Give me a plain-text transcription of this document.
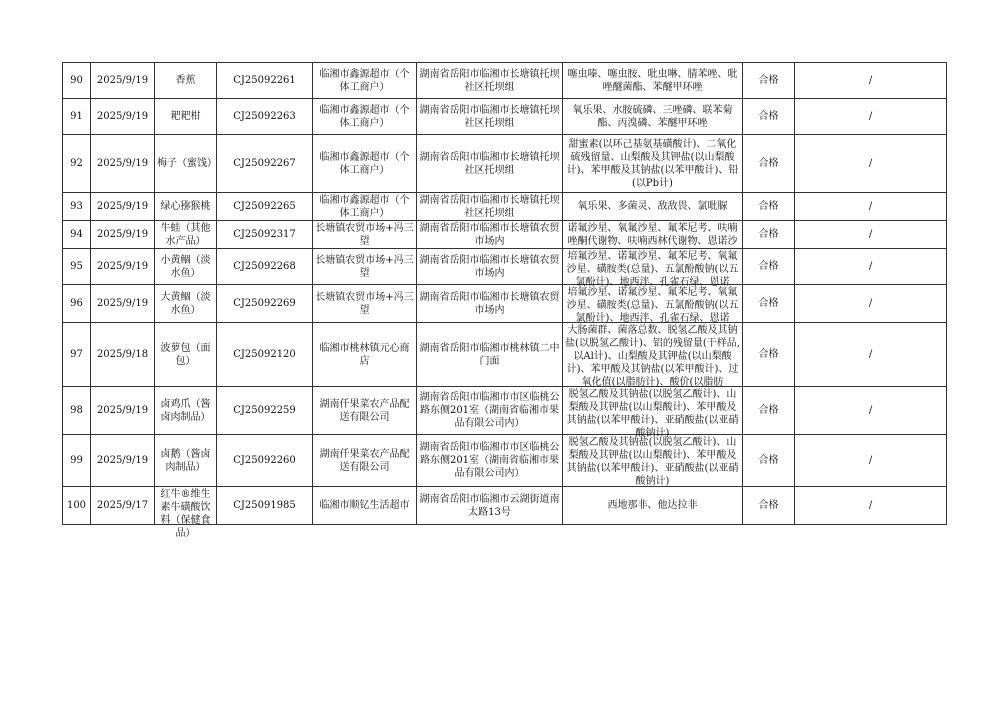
90	2025/9/19	香蕉	CJ25092261	临湘市鑫源超市（个体工商户）	湖南省岳阳市临湘市长塘镇托坝社区托坝组	噻虫嗪、噻虫胺、吡虫啉、腈苯唑、吡唑醚菌酯、苯醚甲环唑	合格	/

91	2025/9/19	耙耙柑	CJ25092263	临湘市鑫源超市（个体工商户）	湖南省岳阳市临湘市长塘镇托坝社区托坝组	氧乐果、水胺硫磷、三唑磷、联苯菊酯、丙溴磷、苯醚甲环唑	合格	/

92	2025/9/19	梅子（蜜饯）	CJ25092267	临湘市鑫源超市（个体工商户）	湖南省岳阳市临湘市长塘镇托坝社区托坝组	甜蜜素(以环己基氨基磺酸计)、二氧化硫残留量、山梨酸及其钾盐(以山梨酸计)、苯甲酸及其钠盐(以苯甲酸计)、铅(以Pb计)	合格	/

93	2025/9/19	绿心猕猴桃	CJ25092265	临湘市鑫源超市（个体工商户）	湖南省岳阳市临湘市长塘镇托坝社区托坝组	氧乐果、多菌灵、敌敌畏、氯吡脲	合格	/

94	2025/9/19	牛蛙（其他水产品）	CJ25092317	长塘镇农贸市场+冯三望	湖南省岳阳市临湘市长塘镇农贸市场内	诺氟沙星、氧氟沙星、氟苯尼考、呋喃唑酮代谢物、呋喃西林代谢物、恩诺沙	合格	/

95	2025/9/19	小黄鲴（淡水鱼）	CJ25092268	长塘镇农贸市场+冯三望	湖南省岳阳市临湘市长塘镇农贸市场内	培氟沙星、诺氟沙星、氟苯尼考、氧氟沙星、磺胺类(总量)、五氯酚酸钠(以五氯酚计)、地西泮、孔雀石绿、恩诺	合格	/

96	2025/9/19	大黄鲴（淡水鱼）	CJ25092269	长塘镇农贸市场+冯三望	湖南省岳阳市临湘市长塘镇农贸市场内	培氟沙星、诺氟沙星、氟苯尼考、氧氟沙星、磺胺类(总量)、五氯酚酸钠(以五氯酚计)、地西泮、孔雀石绿、恩诺	合格	/

97	2025/9/18	波萝包（面包）	CJ25092120	临湘市桃林镇元心商店	湖南省岳阳市临湘市桃林镇二中门面	大肠菌群、菌落总数、脱氢乙酸及其钠盐(以脱氢乙酸计)、铝的残留量(干样品,以Al计)、山梨酸及其钾盐(以山梨酸计)、苯甲酸及其钠盐(以苯甲酸计)、过氧化值(以脂肪计)、酸价(以脂肪	合格	/

98	2025/9/19	卤鸡爪（酱卤肉制品）	CJ25092259	湖南仟果菜农产品配送有限公司	湖南省岳阳市临湘市市区临桃公路东侧201室（湖南省临湘市果品有限公司内）	脱氢乙酸及其钠盐(以脱氢乙酸计)、山梨酸及其钾盐(以山梨酸计)、苯甲酸及其钠盐(以苯甲酸计)、亚硝酸盐(以亚硝酸钠计)	合格	/

99	2025/9/19	卤鹅（酱卤肉制品）	CJ25092260	湖南仟果菜农产品配送有限公司	湖南省岳阳市临湘市市区临桃公路东侧201室（湖南省临湘市果品有限公司内）	脱氢乙酸及其钠盐(以脱氢乙酸计)、山梨酸及其钾盐(以山梨酸计)、苯甲酸及其钠盐(以苯甲酸计)、亚硝酸盐(以亚硝酸钠计)	合格	/

100	2025/9/17	红牛®维生素牛磺酸饮料（保健食品）	CJ25091985	临湘市顺钇生活超市	湖南省岳阳市临湘市云湖街道南太路13号	西地那非、他达拉非	合格	/
